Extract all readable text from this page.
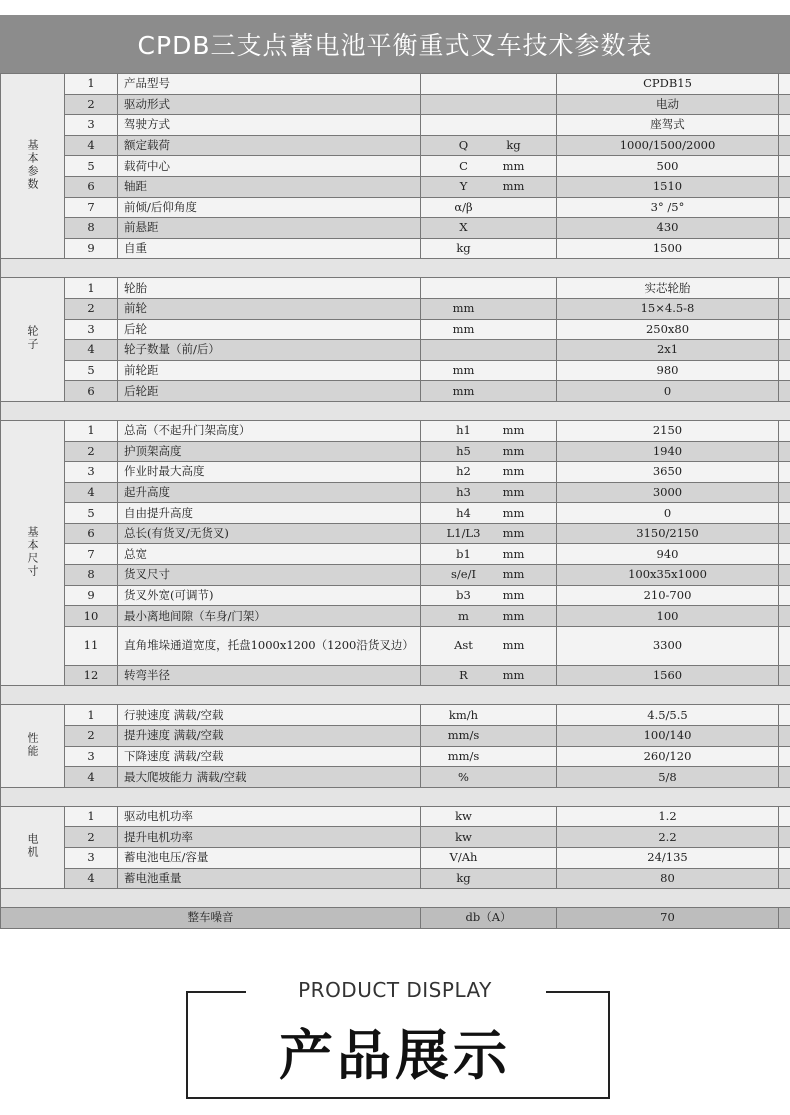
CPDB三支点蓄电池平衡重式叉车技术参数表
基本参数	1	产品型号		CPDB15	
	2	驱动形式		电动	
	3	驾驶方式		座驾式	
	4	额定载荷	Q kg	1000/1500/2000	
	5	载荷中心	C mm	500	
	6	轴距	Y mm	1510	
	7	前倾/后仰角度	α/β	3° /5°	
	8	前悬距	X	430	
	9	自重	kg	1500	

轮子	1	轮胎		实芯轮胎	
	2	前轮	mm	15×4.5-8	
	3	后轮	mm	250x80	
	4	轮子数量（前/后）		2x1	
	5	前轮距	mm	980	
	6	后轮距	mm	0	

基本尺寸	1	总高（不起升门架高度）	h1 mm	2150	
	2	护顶架高度	h5 mm	1940	
	3	作业时最大高度	h2 mm	3650	
	4	起升高度	h3 mm	3000	
	5	自由提升高度	h4 mm	0	
	6	总长(有货叉/无货叉)	L1/L3 mm	3150/2150	
	7	总宽	b1 mm	940	
	8	货叉尺寸	s/e/I mm	100x35x1000	
	9	货叉外宽(可调节)	b3 mm	210-700	
	10	最小离地间隙（车身/门架）	m mm	100	
	11	直角堆垛通道宽度，托盘1000x1200（1200沿货叉边）	Ast mm	3300	
	12	转弯半径	R mm	1560	

性能	1	行驶速度 满载/空载	km/h	4.5/5.5	
	2	提升速度 满载/空载	mm/s	100/140	
	3	下降速度 满载/空载	mm/s	260/120	
	4	最大爬坡能力 满载/空载	%	5/8	

电机	1	驱动电机功率	kw	1.2	
	2	提升电机功率	kw	2.2	
	3	蓄电池电压/容量	V/Ah	24/135	
	4	蓄电池重量	kg	80	

整车噪音			db（A）	70	
PRODUCT DISPLAY
产品展示
